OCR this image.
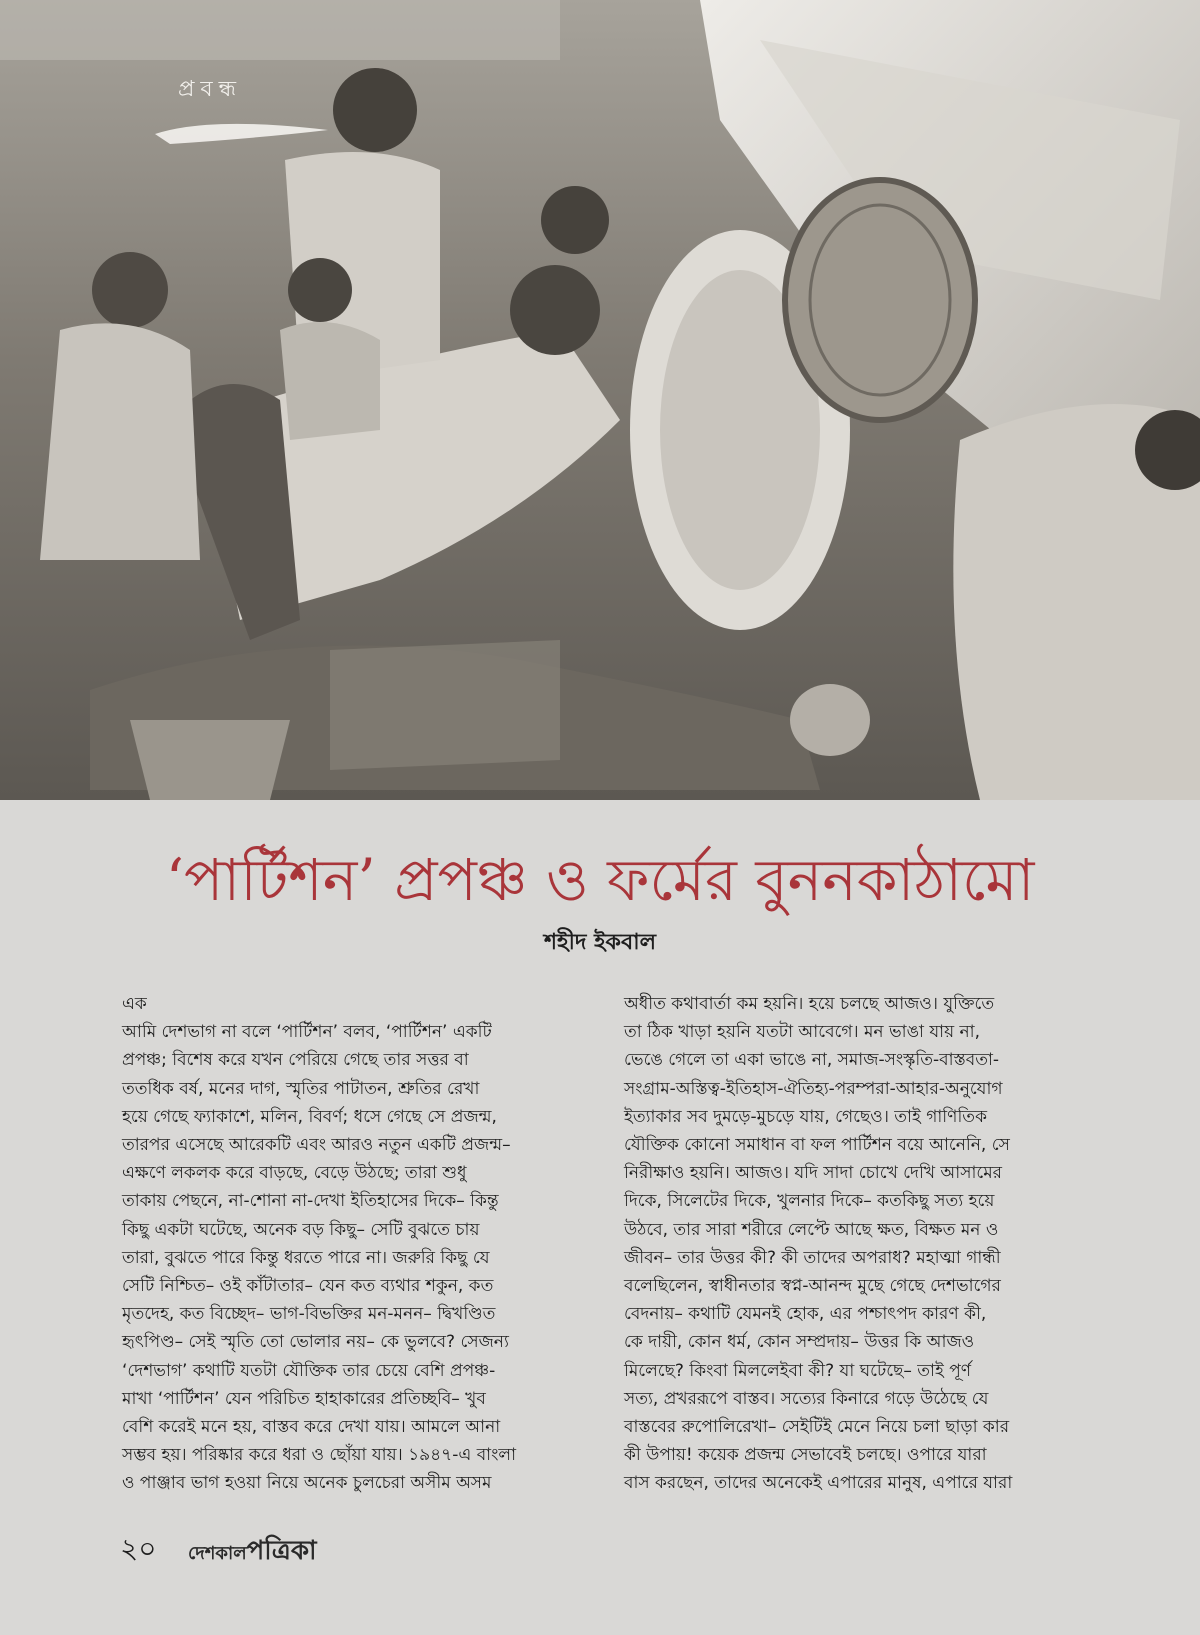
প্রবন্ধ
‘পার্টিশন’ প্রপঞ্চ ও ফর্মের বুননকাঠামো
শহীদ ইকবাল
এক
আমি দেশভাগ না বলে ‘পার্টিশন’ বলব, ‘পার্টিশন’ একটি
প্রপঞ্চ; বিশেষ করে যখন পেরিয়ে গেছে তার সত্তর বা
ততধিক বর্ষ, মনের দাগ, স্মৃতির পাটাতন, শ্রুতির রেখা
হয়ে গেছে ফ্যাকাশে, মলিন, বিবর্ণ; ধসে গেছে সে প্রজন্ম,
তারপর এসেছে আরেকটি এবং আরও নতুন একটি প্রজন্ম–
এক্ষণে লকলক করে বাড়ছে, বেড়ে উঠছে; তারা শুধু
তাকায় পেছনে, না-শোনা না-দেখা ইতিহাসের দিকে– কিন্তু
কিছু একটা ঘটেছে, অনেক বড় কিছু– সেটি বুঝতে চায়
তারা, বুঝতে পারে কিন্তু ধরতে পারে না। জরুরি কিছু যে
সেটি নিশ্চিত– ওই কাঁটাতার– যেন কত ব্যথার শকুন, কত
মৃতদেহ, কত বিচ্ছেদ– ভাগ-বিভক্তির মন-মনন– দ্বিখণ্ডিত
হৃৎপিণ্ড– সেই স্মৃতি তো ভোলার নয়– কে ভুলবে? সেজন্য
‘দেশভাগ’ কথাটি যতটা যৌক্তিক তার চেয়ে বেশি প্রপঞ্চ-
মাখা ‘পার্টিশন’ যেন পরিচিত হাহাকারের প্রতিচ্ছবি– খুব
বেশি করেই মনে হয়, বাস্তব করে দেখা যায়। আমলে আনা
সম্ভব হয়। পরিষ্কার করে ধরা ও ছোঁয়া যায়। ১৯৪৭-এ বাংলা
ও পাঞ্জাব ভাগ হওয়া নিয়ে অনেক চুলচেরা অসীম অসম
অধীত কথাবার্তা কম হয়নি। হয়ে চলছে আজও। যুক্তিতে
তা ঠিক খাড়া হয়নি যতটা আবেগে। মন ভাঙা যায় না,
ভেঙে গেলে তা একা ভাঙে না, সমাজ-সংস্কৃতি-বাস্তবতা-
সংগ্রাম-অস্তিত্ব-ইতিহাস-ঐতিহ্য-পরম্পরা-আহার-অনুযোগ
ইত্যাকার সব দুমড়ে-মুচড়ে যায়, গেছেও। তাই গাণিতিক
যৌক্তিক কোনো সমাধান বা ফল পার্টিশন বয়ে আনেনি, সে
নিরীক্ষাও হয়নি। আজও। যদি সাদা চোখে দেখি আসামের
দিকে, সিলেটের দিকে, খুলনার দিকে– কতকিছু সত্য হয়ে
উঠবে, তার সারা শরীরে লেপ্টে আছে ক্ষত, বিক্ষত মন ও
জীবন– তার উত্তর কী? কী তাদের অপরাধ? মহাত্মা গান্ধী
বলেছিলেন, স্বাধীনতার স্বপ্ন-আনন্দ মুছে গেছে দেশভাগের
বেদনায়– কথাটি যেমনই হোক, এর পশ্চাৎপদ কারণ কী,
কে দায়ী, কোন ধর্ম, কোন সম্প্রদায়– উত্তর কি আজও
মিলেছে? কিংবা মিললেইবা কী? যা ঘটেছে– তাই পূর্ণ
সত্য, প্রখররূপে বাস্তব। সত্যের কিনারে গড়ে উঠেছে যে
বাস্তবের রুপোলিরেখা– সেইটিই মেনে নিয়ে চলা ছাড়া কার
কী উপায়! কয়েক প্রজন্ম সেভাবেই চলছে। ওপারে যারা
বাস করছেন, তাদের অনেকেই এপারের মানুষ, এপারে যারা
২০ দেশকালপত্রিকা
